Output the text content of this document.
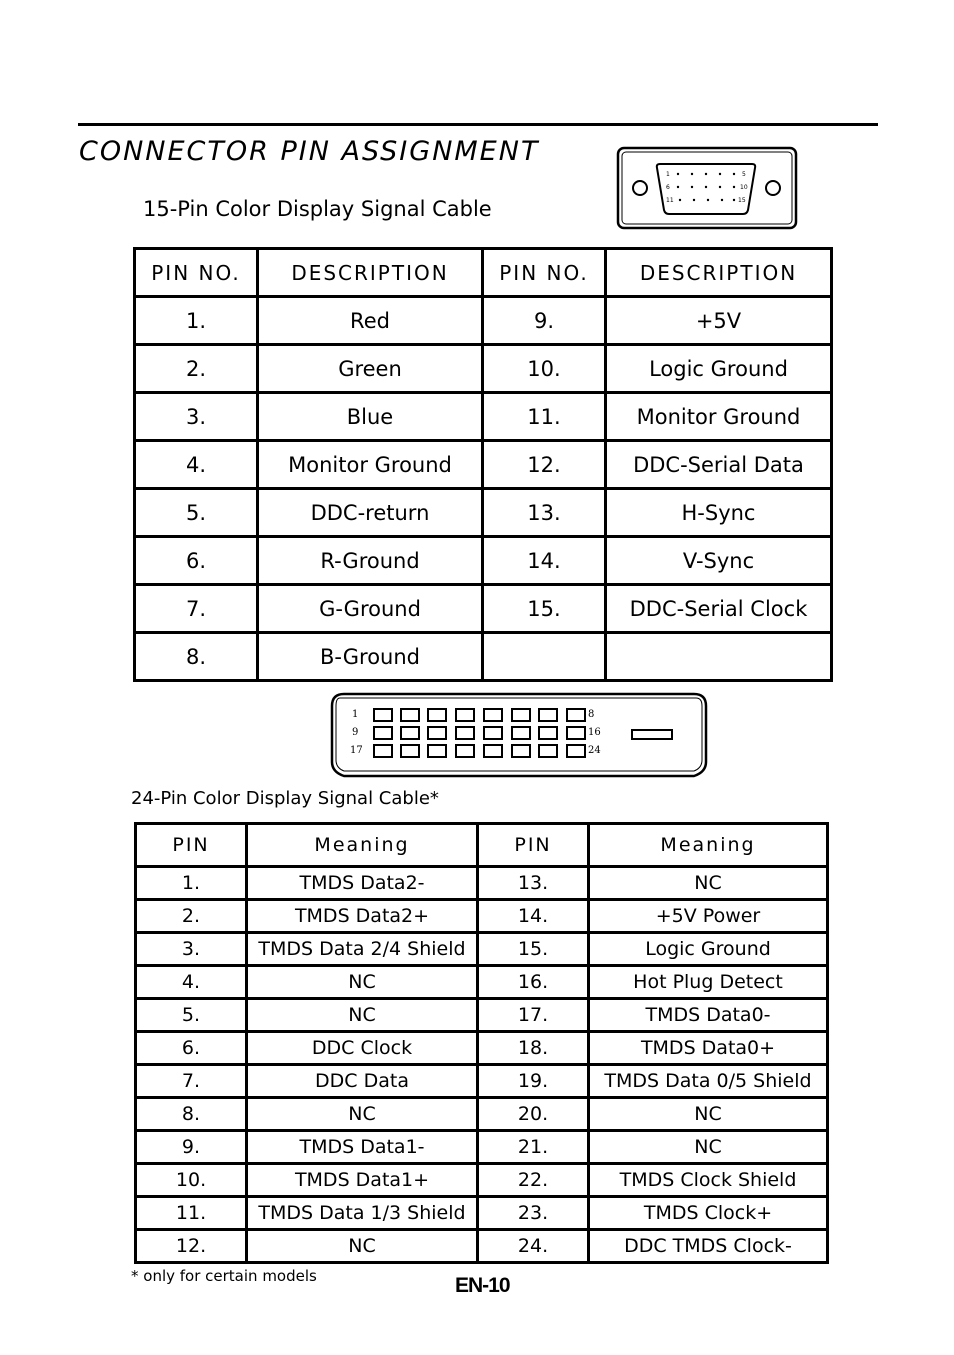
CONNECTOR PIN ASSIGNMENT
15-Pin Color Display Signal Cable
1	5
6	10
11	15
PIN NO.	DESCRIPTION	PIN NO.	DESCRIPTION
1.	Red	9.	+5V
2.	Green	10.	Logic Ground
3.	Blue	11.	Monitor Ground
4.	Monitor Ground	12.	DDC-Serial Data
5.	DDC-return	13.	H-Sync
6.	R-Ground	14.	V-Sync
7.	G-Ground	15.	DDC-Serial Clock
8.	B-Ground		
1
9
17
8
16
24
24-Pin Color Display Signal Cable*
PIN	Meaning	PIN	Meaning
1.	TMDS Data2-	13.	NC
2.	TMDS Data2+	14.	+5V Power
3.	TMDS Data 2/4 Shield	15.	Logic Ground
4.	NC	16.	Hot Plug Detect
5.	NC	17.	TMDS Data0-
6.	DDC Clock	18.	TMDS Data0+
7.	DDC Data	19.	TMDS Data 0/5 Shield
8.	NC	20.	NC
9.	TMDS Data1-	21.	NC
10.	TMDS Data1+	22.	TMDS Clock Shield
11.	TMDS Data 1/3 Shield	23.	TMDS Clock+
12.	NC	24.	DDC TMDS Clock-
* only for certain models	EN-10
